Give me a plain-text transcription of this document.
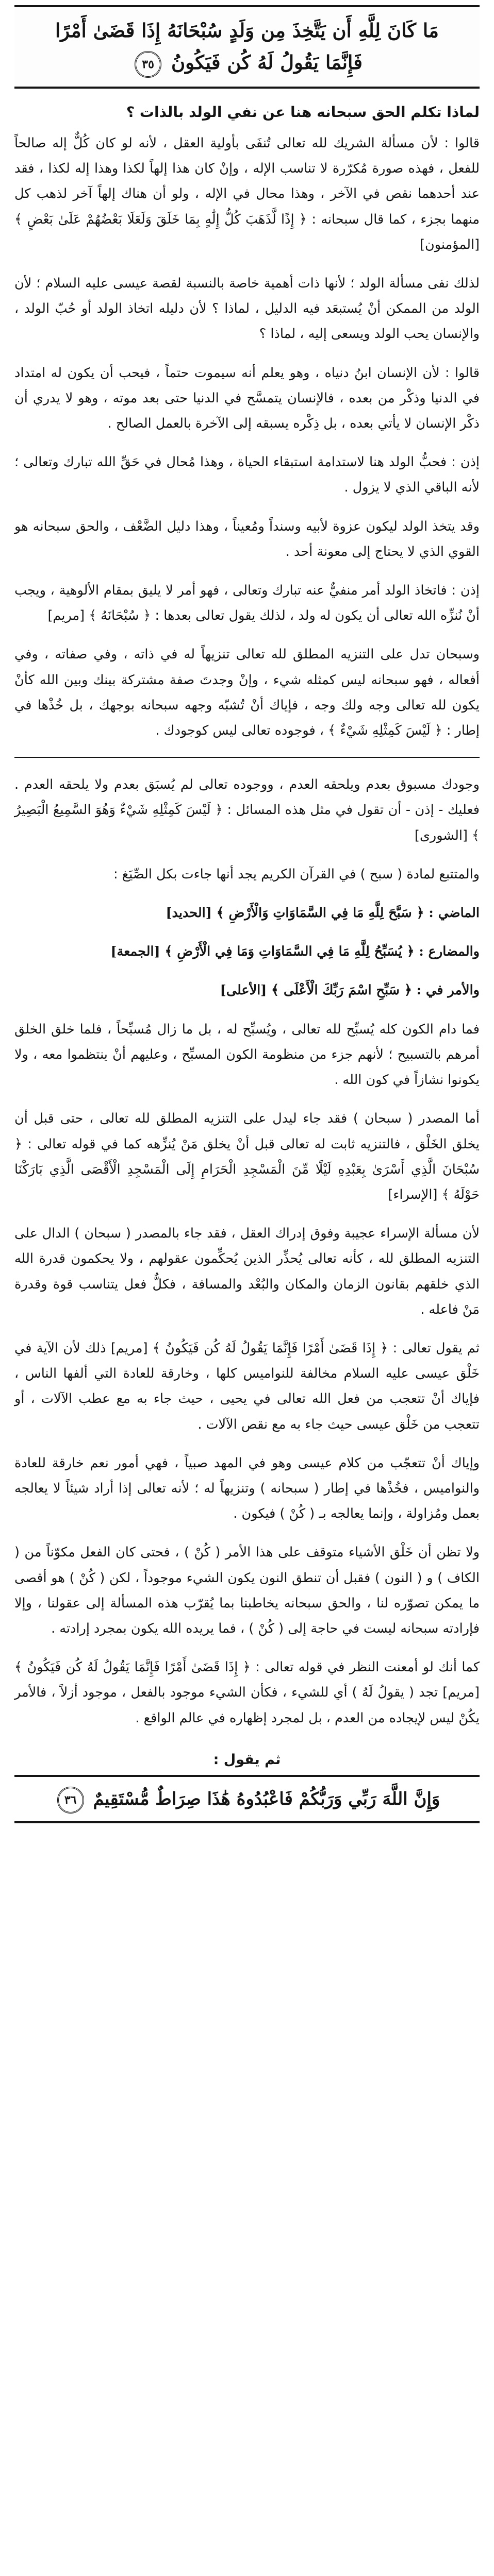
مَا كَانَ لِلَّهِ أَن يَتَّخِذَ مِن وَلَدٍ سُبْحَانَهُ إِذَا قَضَىٰ أَمْرًا
فَإِنَّمَا يَقُولُ لَهُ كُن فَيَكُونُ ٣٥
لماذا تكلم الحق سبحانه هنا عن نفي الولد بالذات ؟

قالوا : لأن مسألة الشريك لله تعالى تُنفَى بأولية العقل ، لأنه لو كان كُلٌّ إله صالحاً للفعل ، فهذه صورة مُكرّرة لا تناسب الإله ، وإنْ كان هذا إلهاً لكذا وهذا إله لكذا ، فقد عند أحدهما نقص في الآخر ، وهذا محال في الإله ، ولو أن هناك إلهاً آخر لذهب كل منهما بجزء ، كما قال سبحانه : ﴿ إِذًا لَّذَهَبَ كُلُّ إِلَٰهٍ بِمَا خَلَقَ وَلَعَلَا بَعْضُهُمْ عَلَىٰ بَعْضٍ ﴾ [المؤمنون]

لذلك نفى مسألة الولد ؛ لأنها ذات أهمية خاصة بالنسبة لقصة عيسى عليه السلام ؛ لأن الولد من الممكن أنْ يُستبعَد فيه الدليل ، لماذا ؟ لأن دليله اتخاذ الولد أو حُبّ الولد ، والإنسان يحب الولد ويسعى إليه ، لماذا ؟

قالوا : لأن الإنسان ابنُ دنياه ، وهو يعلم أنه سيموت حتماً ، فيحب أن يكون له امتداد في الدنيا وذكْر من بعده ، فالإنسان يتمسَّح في الدنيا حتى بعد موته ، وهو لا يدري أن ذكْر الإنسان لا يأتي بعده ، بل ذِكْره يسبقه إلى الآخرة بالعمل الصالح .

إذن : فحبُّ الولد هنا لاستدامة استبقاء الحياة ، وهذا مُحال في حَقِّ الله تبارك وتعالى ؛ لأنه الباقي الذي لا يزول .

وقد يتخذ الولد ليكون عزوة لأبيه وسنداً ومُعيناً ، وهذا دليل الضَّعْف ، والحق سبحانه هو القوي الذي لا يحتاج إلى معونة أحد .

إذن : فاتخاذ الولد أمر منفيٌّ عنه تبارك وتعالى ، فهو أمر لا يليق بمقام الألوهية ، ويجب أنْ نُنزِّه الله تعالى أن يكون له ولد ، لذلك يقول تعالى بعدها : ﴿ سُبْحَانَهُ ﴾ [مريم]

وسبحان تدل على التنزيه المطلق لله تعالى تنزيهاً له في ذاته ، وفي صفاته ، وفي أفعاله ، فهو سبحانه ليس كمثله شيء ، وإنْ وجدتَ صفة مشتركة بينك وبين الله كأنْ يكون لله تعالى وجه ولك وجه ، فإياك أنْ تُشبّه وجهه سبحانه بوجهك ، بل خُذْها في إطار : ﴿ لَيْسَ كَمِثْلِهِ شَيْءٌ ﴾ ، فوجوده تعالى ليس كوجودك .

وجودك مسبوق بعدم ويلحقه العدم ، ووجوده تعالى لم يُسبَق بعدم ولا يلحقه العدم . فعليك - إذن - أن تقول في مثل هذه المسائل : ﴿ لَيْسَ كَمِثْلِهِ شَيْءٌ وَهُوَ السَّمِيعُ الْبَصِيرُ ﴾ [الشورى]

والمتتبع لمادة ( سبح ) في القرآن الكريم يجد أنها جاءت بكل الصِّيَغ :

الماضي : ﴿ سَبَّحَ لِلَّهِ مَا فِي السَّمَاوَاتِ وَالْأَرْضِ ﴾ [الحديد]

والمضارع : ﴿ يُسَبِّحُ لِلَّهِ مَا فِي السَّمَاوَاتِ وَمَا فِي الْأَرْضِ ﴾ [الجمعة]

والأمر في : ﴿ سَبِّحِ اسْمَ رَبِّكَ الْأَعْلَى ﴾ [الأعلى]

فما دام الكون كله يُسبِّح لله تعالى ، ويُسبِّح له ، بل ما زال مُسبِّحاً ، فلما خلق الخلق أمرهم بالتسبيح ؛ لأنهم جزء من منظومة الكون المسبِّح ، وعليهم أنْ ينتظموا معه ، ولا يكونوا نشازاً في كون الله .

أما المصدر ( سبحان ) فقد جاء ليدل على التنزيه المطلق لله تعالى ، حتى قبل أن يخلق الخَلْق ، فالتنزيه ثابت له تعالى قبل أنْ يخلق مَنْ يُنزِّهه كما في قوله تعالى : ﴿ سُبْحَانَ الَّذِي أَسْرَىٰ بِعَبْدِهِ لَيْلًا مِّنَ الْمَسْجِدِ الْحَرَامِ إِلَى الْمَسْجِدِ الْأَقْصَى الَّذِي بَارَكْنَا حَوْلَهُ ﴾ [الإسراء]

لأن مسألة الإسراء عجيبة وفوق إدراك العقل ، فقد جاء بالمصدر ( سبحان ) الدال على التنزيه المطلق لله ، كأنه تعالى يُحذِّر الذين يُحكِّمون عقولهم ، ولا يحكمون قدرة الله الذي خلقهم بقانون الزمان والمكان والبُعْد والمسافة ، فكلٌّ فعل يتناسب قوة وقدرة مَنْ فاعله .

ثم يقول تعالى : ﴿ إِذَا قَضَىٰ أَمْرًا فَإِنَّمَا يَقُولُ لَهُ كُن فَيَكُونُ ﴾ [مريم] ذلك لأن الآية في خَلْق عيسى عليه السلام مخالفة للنواميس كلها ، وخارقة للعادة التي ألفها الناس ، فإياك أنْ تتعجب من فعل الله تعالى في يحيى ، حيث جاء به مع عطب الآلات ، أو تتعجب من خَلْق عيسى حيث جاء به مع نقص الآلات .

وإياك أنْ تتعجّب من كلام عيسى وهو في المهد صبياً ، فهي أمور نعم خارقة للعادة والنواميس ، فخُذْها في إطار ( سبحانه ) وتنزيهاً له ؛ لأنه تعالى إذا أراد شيئاً لا يعالجه بعمل ومُزاولة ، وإنما يعالجه بـ ( كُنْ ) فيكون .

ولا تظن أن خَلْق الأشياء متوقف على هذا الأمر ( كُنْ ) ، فحتى كان الفعل مكوّناً من ( الكاف ) و ( النون ) فقبل أن تنطق النون يكون الشيء موجوداً ، لكن ( كُنْ ) هو أقصى ما يمكن تصوّره لنا ، والحق سبحانه يخاطبنا بما يُقرّب هذه المسألة إلى عقولنا ، وإلا فإرادته سبحانه ليست في حاجة إلى ( كُنْ ) ، فما يريده الله يكون بمجرد إرادته .

كما أنك لو أمعنت النظر في قوله تعالى : ﴿ إِذَا قَضَىٰ أَمْرًا فَإِنَّمَا يَقُولُ لَهُ كُن فَيَكُونُ ﴾ [مريم] تجد ( يقولُ لَهُ ) أي للشيء ، فكأن الشيء موجود بالفعل ، موجود أزلاً ، فالأمر يكُنْ ليس لإيجاده من العدم ، بل لمجرد إظهاره في عالم الواقع .

ثم يقول :
وَإِنَّ اللَّهَ رَبِّي وَرَبُّكُمْ فَاعْبُدُوهُ هَٰذَا صِرَاطٌ مُّسْتَقِيمٌ ٣٦
